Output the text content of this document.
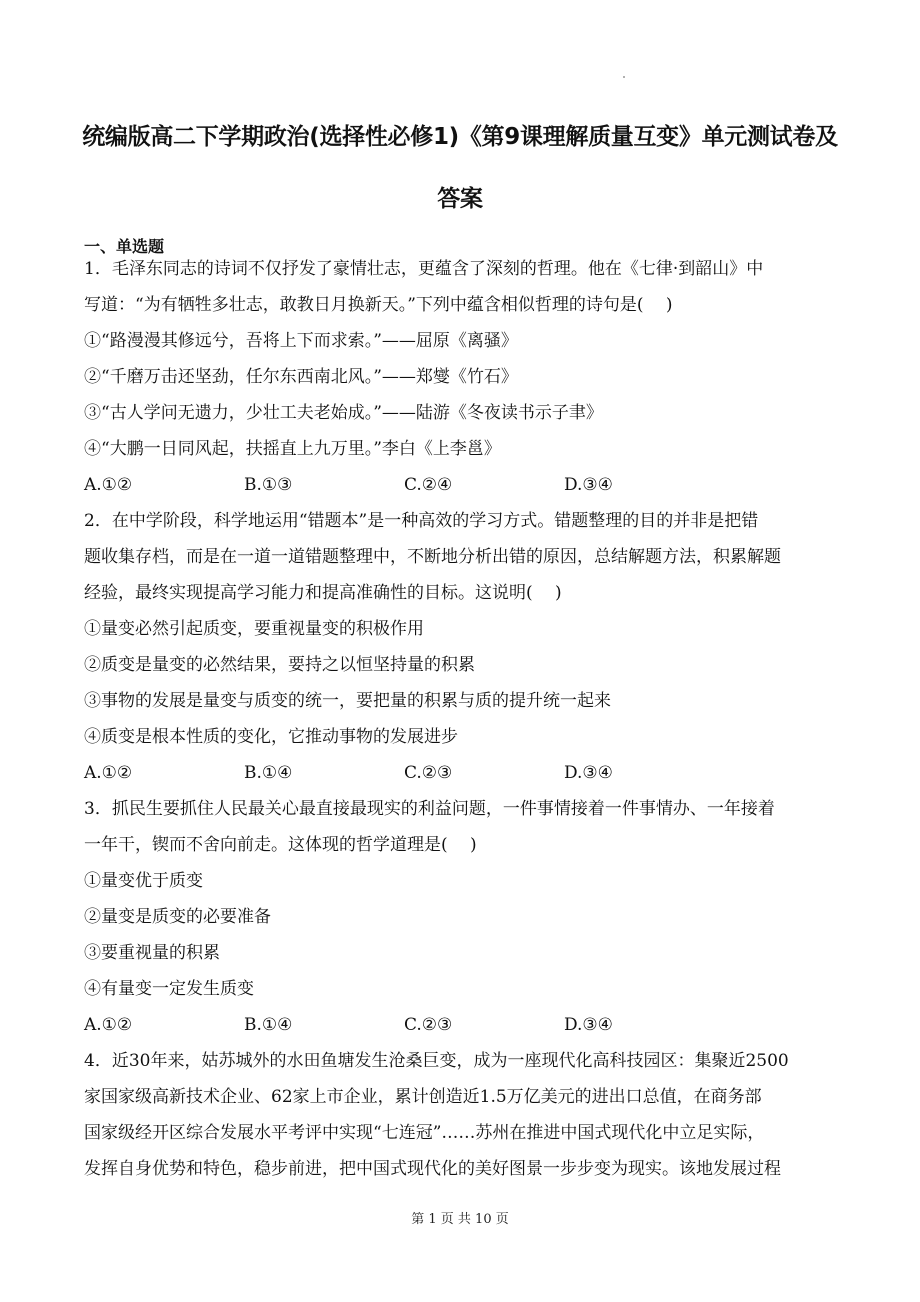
统编版高二下学期政治(选择性必修1)《第9课理解质量互变》单元测试卷及
答案
一、单选题
1．毛泽东同志的诗词不仅抒发了豪情壮志，更蕴含了深刻的哲理。他在《七律·到韶山》中
写道：“为有牺牲多壮志，敢教日月换新天。”下列中蕴含相似哲理的诗句是(　 )
①“路漫漫其修远兮，吾将上下而求索。”——屈原《离骚》
②“千磨万击还坚劲，任尔东西南北风。”——郑燮《竹石》
③“古人学问无遗力，少壮工夫老始成。”——陆游《冬夜读书示子聿》
④“大鹏一日同风起，扶摇直上九万里。”李白《上李邕》
A.①②	B.①③	C.②④	D.③④
2．在中学阶段，科学地运用“错题本”是一种高效的学习方式。错题整理的目的并非是把错
题收集存档，而是在一道一道错题整理中，不断地分析出错的原因，总结解题方法，积累解题
经验，最终实现提高学习能力和提高准确性的目标。这说明(　 )
①量变必然引起质变，要重视量变的积极作用
②质变是量变的必然结果，要持之以恒坚持量的积累
③事物的发展是量变与质变的统一，要把量的积累与质的提升统一起来
④质变是根本性质的变化，它推动事物的发展进步
A.①②	B.①④	C.②③	D.③④
3．抓民生要抓住人民最关心最直接最现实的利益问题，一件事情接着一件事情办、一年接着
一年干，锲而不舍向前走。这体现的哲学道理是(　 )
①量变优于质变
②量变是质变的必要准备
③要重视量的积累
④有量变一定发生质变
A.①②	B.①④	C.②③	D.③④
4．近30年来，姑苏城外的水田鱼塘发生沧桑巨变，成为一座现代化高科技园区：集聚近2500
家国家级高新技术企业、62家上市企业，累计创造近1.5万亿美元的进出口总值，在商务部
国家级经开区综合发展水平考评中实现“七连冠”……苏州在推进中国式现代化中立足实际，
发挥自身优势和特色，稳步前进，把中国式现代化的美好图景一步步变为现实。该地发展过程
第 1 页 共 10 页
